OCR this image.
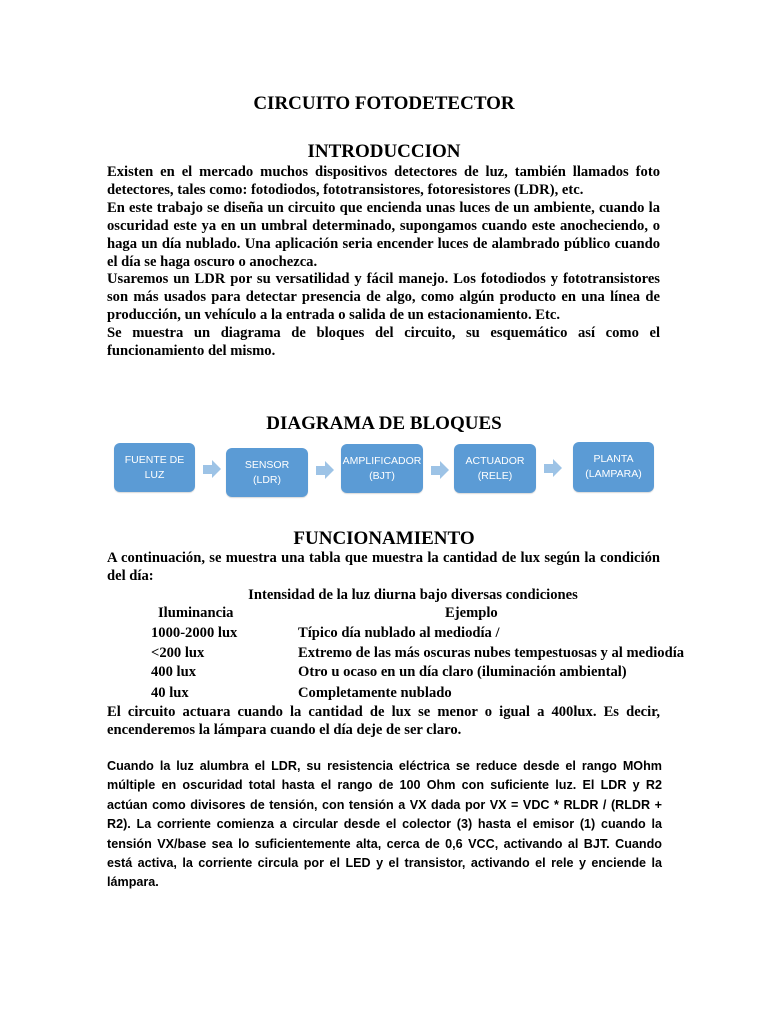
CIRCUITO FOTODETECTOR
INTRODUCCION

Existen en el mercado muchos dispositivos detectores de luz, también llamados foto detectores, tales como: fotodiodos, fototransistores, fotoresistores (LDR), etc.

En este trabajo se diseña un circuito que encienda unas luces de un ambiente, cuando la oscuridad este ya en un umbral determinado, supongamos cuando este anocheciendo, o haga un día nublado. Una aplicación seria encender luces de alambrado público cuando el día se haga oscuro o anochezca.

Usaremos un LDR por su versatilidad y fácil manejo. Los fotodiodos y fototransistores son más usados para detectar presencia de algo, como algún producto en una línea de producción, un vehículo a la entrada o salida de un estacionamiento. Etc.

Se muestra un diagrama de bloques del circuito, su esquemático así como el funcionamiento del mismo.

DIAGRAMA DE BLOQUES
FUENTE DE LUZ
SENSOR
(LDR)
AMPLIFICADOR
(BJT)
ACTUADOR
(RELE)
PLANTA
(LAMPARA)
FUNCIONAMIENTO

A continuación, se muestra una tabla que muestra la cantidad de lux según la condición del día:

Intensidad de la luz diurna bajo diversas condiciones

Iluminancia	Ejemplo

1000-2000 lux	Típico día nublado al mediodía /
<200 lux	Extremo de las más oscuras nubes tempestuosas y al mediodía
400 lux	Otro u ocaso en un día claro (iluminación ambiental)
40 lux	Completamente nublado

El circuito actuara cuando la cantidad de lux se menor o igual a 400lux. Es decir, encenderemos la lámpara cuando el día deje de ser claro.

Cuando la luz alumbra el LDR, su resistencia eléctrica se reduce desde el rango MOhm múltiple en oscuridad total hasta el rango de 100 Ohm con suficiente luz. El LDR y R2 actúan como divisores de tensión, con tensión a VX dada por VX = VDC * RLDR / (RLDR + R2). La corriente comienza a circular desde el colector (3) hasta el emisor (1) cuando la tensión VX/base sea lo suficientemente alta, cerca de 0,6 VCC, activando al BJT. Cuando está activa, la corriente circula por el LED y el transistor, activando el rele y enciende la lámpara.
